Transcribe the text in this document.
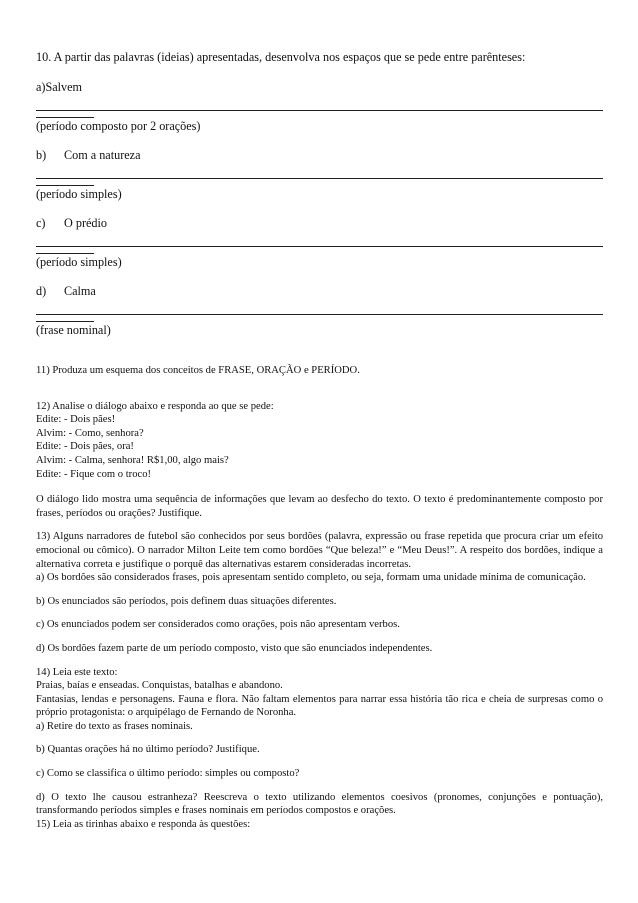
10. A partir das palavras (ideias) apresentadas, desenvolva nos espaços que se pede entre parênteses:

a)Salvem
(período composto por 2 orações)
b) Com a natureza
(período simples)
c) O prédio
(período simples)
d) Calma
(frase nominal)

11) Produza um esquema dos conceitos de FRASE, ORAÇÃO e PERÍODO.

12) Analise o diálogo abaixo e responda ao que se pede:

Edite: - Dois pães!

Alvim: - Como, senhora?

Edite: - Dois pães, ora!

Alvim: - Calma, senhora! R$1,00, algo mais?

Edite: - Fique com o troco!

O diálogo lido mostra uma sequência de informações que levam ao desfecho do texto. O texto é predominantemente composto por frases, períodos ou orações? Justifique.

13) Alguns narradores de futebol são conhecidos por seus bordões (palavra, expressão ou frase repetida que procura criar um efeito emocional ou cômico). O narrador Milton Leite tem como bordões “Que beleza!” e “Meu Deus!”. A respeito dos bordões, indique a alternativa correta e justifique o porquê das alternativas estarem consideradas incorretas.

a) Os bordões são considerados frases, pois apresentam sentido completo, ou seja, formam uma unidade mínima de comunicação.

b) Os enunciados são períodos, pois definem duas situações diferentes.

c) Os enunciados podem ser considerados como orações, pois não apresentam verbos.

d) Os bordões fazem parte de um período composto, visto que são enunciados independentes.

14) Leia este texto:

Praias, baías e enseadas. Conquistas, batalhas e abandono.

Fantasias, lendas e personagens. Fauna e flora. Não faltam elementos para narrar essa história tão rica e cheia de surpresas como o próprio protagonista: o arquipélago de Fernando de Noronha.

a) Retire do texto as frases nominais.

b) Quantas orações há no último período? Justifique.

c) Como se classifica o último período: simples ou composto?

d) O texto lhe causou estranheza? Reescreva o texto utilizando elementos coesivos (pronomes, conjunções e pontuação), transformando períodos simples e frases nominais em períodos compostos e orações.

15) Leia as tirinhas abaixo e responda às questões:
